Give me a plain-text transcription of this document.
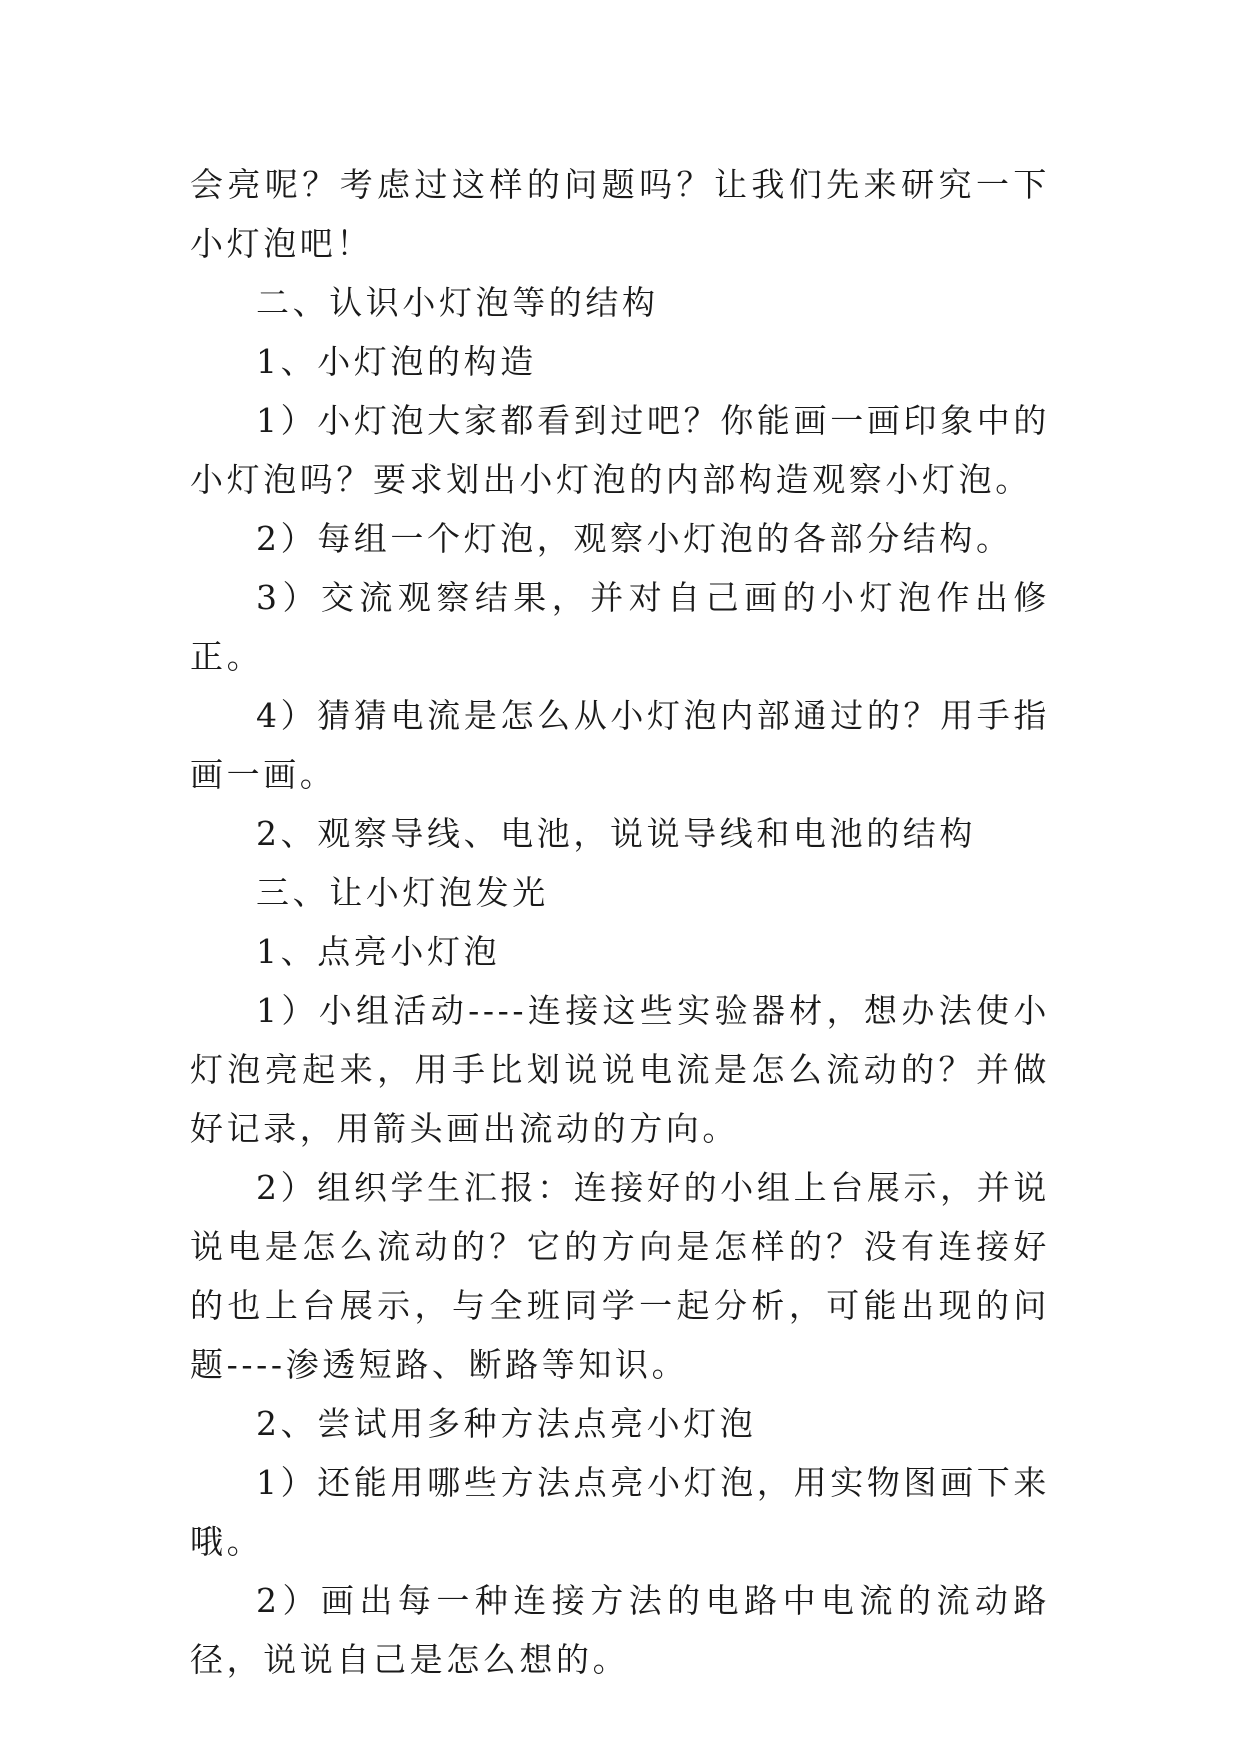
会亮呢？考虑过这样的问题吗？让我们先来研究一下小灯泡吧！

二、认识小灯泡等的结构

1、小灯泡的构造

1）小灯泡大家都看到过吧？你能画一画印象中的小灯泡吗？要求划出小灯泡的内部构造观察小灯泡。

2）每组一个灯泡，观察小灯泡的各部分结构。

3）交流观察结果，并对自己画的小灯泡作出修正。

4）猜猜电流是怎么从小灯泡内部通过的？用手指画一画。

2、观察导线、电池，说说导线和电池的结构

三、让小灯泡发光

1、点亮小灯泡

1）小组活动----连接这些实验器材，想办法使小灯泡亮起来，用手比划说说电流是怎么流动的？并做好记录，用箭头画出流动的方向。

2）组织学生汇报：连接好的小组上台展示，并说说电是怎么流动的？它的方向是怎样的？没有连接好的也上台展示，与全班同学一起分析，可能出现的问题----渗透短路、断路等知识。

2、尝试用多种方法点亮小灯泡

1）还能用哪些方法点亮小灯泡，用实物图画下来哦。

2）画出每一种连接方法的电路中电流的流动路径，说说自己是怎么想的。
